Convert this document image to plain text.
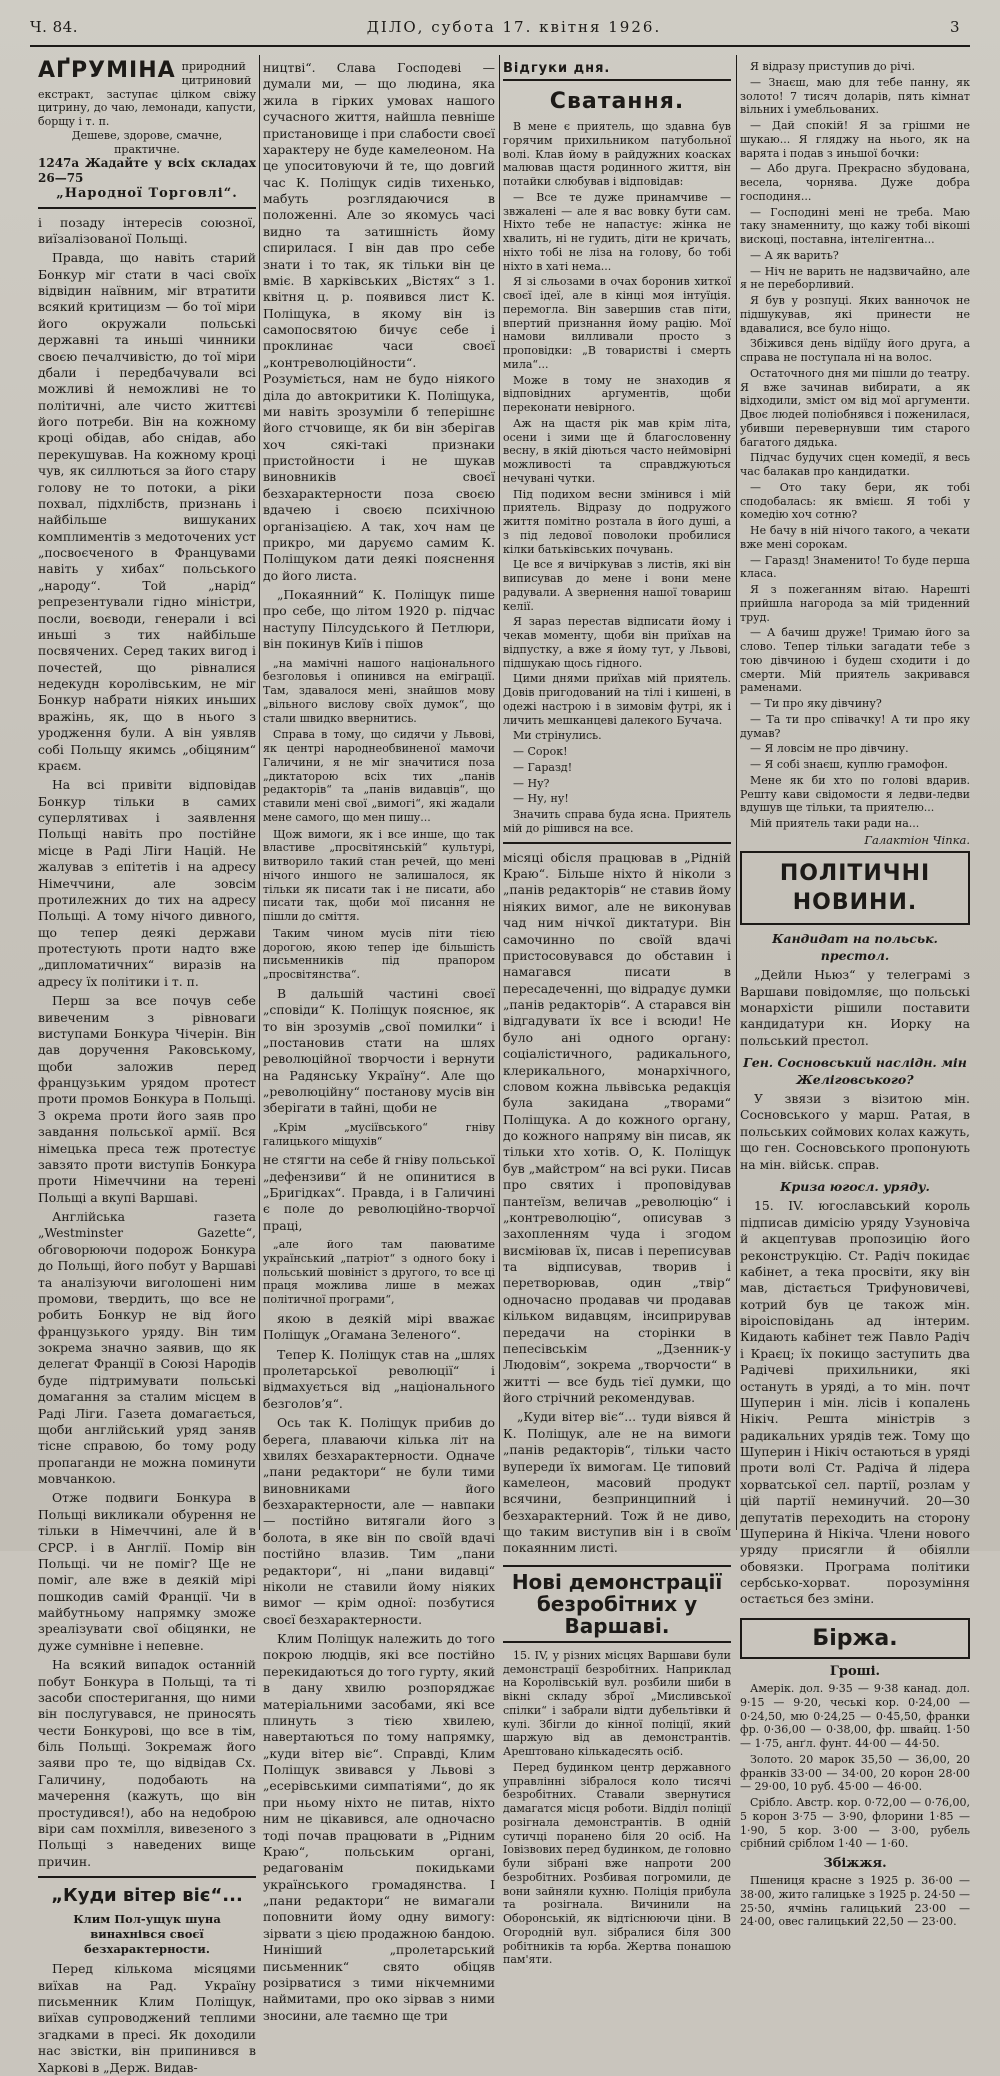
Ч. 84.	ДІЛО, субота 17. квітня 1926.	3
АҐРУМІНА природний цитриновий екстракт, заступає цілком свіжу цитрину, до чаю, лемонади, капусти, борщу і т. п.
Дешеве, здорове, смачне, практичне.
1247a Жадайте у всіх складах 26—75
„Народної Торговлі“.

і позаду інтересів союзної, виїзалізованої Польщі.

Правда, що навіть старий Бонкур міг стати в часі своїх відвідин наївним, міг втратити всякий критицизм — бо тої міри його окружали польські державні та иньші чинники своєю печалчивістю, до тої міри дбали і передбачували всі можливі й неможливі не то політичні, але чисто життєві його потреби. Він на кожному кроці обідав, або снідав, або перекушував. На кожному кроці чув, як силлються за його стару голову не то потоки, а ріки похвал, підхлібств, признань і найбільше вишуканих комплиментів з медоточених уст „посвоєченого в Францувами навіть у хибах“ польського „народу“. Той „нарід“ репрезентували гідно міністри, посли, воєводи, генерали і всі иньші з тих найбільше посвячених. Серед таких вигод і почестей, що рівналися недекудн королівським, не міг Бонкур набрати ніяких иньших вражінь, як, що в нього з уродження були. А він уявляв собі Польщу якимсь „обіцяним“ краєм.

На всі привіти відповідав Бонкур тільки в самих суперлятивах і заявлення Польщі навіть про постійне місце в Раді Ліги Націй. Не жалував з епітетів і на адресу Німеччини, але зовсім протилежних до тих на адресу Польщі. А тому нічого дивного, що тепер деякі держави протестують проти надто вже „дипломатичних“ виразів на адресу їх політики і т. п.

Перш за все почув себе вивеченим з рівноваги виступами Бонкура Чічерін. Він дав доручення Раковському, щоби заложив перед французьким урядом протест проти промов Бонкура в Польщі. З окрема проти його заяв про завдання польської армії. Вся німецька преса теж протестує завзято проти виступів Бонкура проти Німеччини на терені Польщі а вкупі Варшаві.

Англійська газета „Westminster Gazette“, обговорюючи подорож Бонкура до Польщі, його побут у Варшаві та аналізуючи виголошені ним промови, твердить, що все не робить Бонкур не від його французького уряду. Він тим зокрема значно заявив, що як делегат Франції в Союзі Народів буде підтримувати польські домагання за сталим місцем в Раді Ліги. Газета домагається, щоби англійський уряд заняв тісне справою, бо тому роду пропаганди не можна поминути мовчанкою.

Отже подвиги Бонкура в Польщі викликали обурення не тільки в Німеччині, але й в СРСР. і в Англії. Помір він Польщі. чи не поміг? Ще не поміг, але вже в деякій мірі пошкодив самій Франції. Чи в майбутньому напрямку зможе зреалізувати свої обіцянки, не дуже сумнівне і непевне.

На всякий випадок останній побут Бонкура в Польщі, та ті засоби спостеригання, що ними він послугувався, не приносять чести Бонкурові, що все в тім, біль Польщі. Зокремаж його заяви про те, що відвідав Сх. Галичину, подобають на мачерення (кажуть, що він простудився!), або на недоброю віри сам похмілля, вивезеного з Польщі з наведених вище причин.

„Куди вітер віє“...
Клим Пол-ущук шуна винахнівся своєї безхарактерности.

Перед кількома місяцями виїхав на Рад. Україну письменник Клим Поліщук, виїхав супроводжений теплими згадками в пресі. Як доходили нас звістки, він припинився в Харкові в „Держ. Видав-

ництві“. Слава Господеві — думали ми, — що людина, яка жила в гірких умовах нашого сучасного життя, найшла певніше пристановище і при слабости своєї характеру не буде камелеоном. На це упоситовуючи й те, що довгий час К. Поліщук сидів тихенько, мабуть розглядаючися в положенні. Але зо якомусь часі видно та затишність йому спирилася. І він дав про себе знати і то так, як тільки він це вміє. В харківських „Вістях“ з 1. квітня ц. р. появився лист К. Поліщука, в якому він із самопосвятою бичує себе і проклинає часи своєї „контреволюційности“. Розуміється, нам не будо ніякого діла до автокритики К. Поліщука, ми навіть зрозуміли б теперішнє його стчовище, як би він зберігав хоч сякі-такі признаки пристойности і не шукав виновників своєї безхарактерности поза своєю вдачею і своєю психічною організацією. А так, хоч нам це прикро, ми даруємо самим К. Поліщуком дати деякі пояснення до його листа.

„Покаянний“ К. Поліщук пише про себе, що літом 1920 р. підчас наступу Пілсудського й Петлюри, він покинув Київ і пішов

„на мамічні нашого національного безголовья і опинився на еміграції. Там, здавалося мені, знайшов мову „вільного вислову своїх думок“, що стали швидко ввернитись.

Справа в тому, що сидячи у Львові, як центрі народнеобвиненої мамочи Галичини, я не міг значитися поза „диктаторою всіх тих „панів редакторів“ та „панів видавців“, що ставили мені свої „вимогі“, які жадали мене самого, що мен пишу...

Щож вимоги, як і все инше, що так властиве „просвітянській“ культурі, витворило такий стан речей, що мені нічого иншого не залишалося, як тільки як писати так і не писати, або писати так, щоби мої писання не пішли до сміття.

Таким чином мусів піти тією дорогою, якою тепер іде більшість письменників під прапором „просвітянства“.

В дальшій частині своєї „сповіди“ К. Поліщук пояснює, як то він зрозумів „свої помилки“ і „постановив стати на шлях революційної творчости і вернути на Радянську Україну“. Але що „революційну“ постанову мусів він зберігати в тайні, щоби не

„Крім „мусіївського“ гніву галицького міщухів“

не стягти на себе й гніву польської „дефензиви“ й не опинитися в „Бригідках“. Правда, і в Галичині є поле до революційно-творчої праці,

„але його там паюватиме український „патріот“ з одного боку і польський шовініст з другого, то все ці праця можлива лише в межах політичної програми“,

якою в деякій мірі вважає Поліщук „Огамана Зеленого“.

Тепер К. Поліщук став на „шлях пролетарської революції“ і відмахується від „національного безголовʼя“.

Ось так К. Поліщук прибив до берега, плаваючи кілька літ на хвилях безхарактерности. Одначе „пани редактори“ не були тими виновниками його безхарактерности, але — навпаки — постійно витягали його з болота, в яке він по своїй вдачі постійно влазив. Тим „пани редактори“, ні „пани видавці“ ніколи не ставили йому ніяких вимог — крім одної: позбутися своєї безхарактерности.

Клим Поліщук належить до того покрою людців, які все постійно перекидаються до того гурту, який в дану хвилю розпоряджає матеріальними засобами, які все плинуть з тією хвилею, навертаються по тому напрямку, „куди вітер віє“. Справді, Клим Поліщук звивався у Львові з „есерівськими симпатіями“, до як при ньому ніхто не питав, ніхто ним не цікавився, але одночасно тоді почав працювати в „Рідним Краю“, польським органі, редагованім покидьками українського громадянства. І „пани редактори“ не вимагали поповнити йому одну вимогу: зірвати з цією продажною бандою. Ниніший „пролетарський письменник“ свято обіцяв розірватися з тими нікчемними наймитами, про око зірвав з ними зносини, але таємно ще три

Відгуки дня.
Сватання.

В мене є приятель, що здавна був горячим прихильником патубольної волі. Клав йому в райдужних коасках малював щастя родинного життя, він потайки слюбував і відповідав:

— Все те дуже принамчиве — звжалені — але я вас вовку бути сам. Ніхто тебе не напастує: жінка не хвалить, ні не гудить, діти не кричать, ніхто тобі не ліза на голову, бо тобі ніхто в хаті нема...

Я зі сльозами в очах боронив хиткої своєї ідеї, але в кінці моя інтуїція. перемогла. Він завершив став піти, впертий признання йому рацію. Мої намови вилливали просто з проповідки: „В товаристві і смерть мила“...

Може в тому не знаходив я відповідних аргументів, щоби переконати невірного.

Аж на щастя рік мав крім літа, осени і зими ще й благословенну весну, в якій діються часто неймовірні можливості та справджуються нечувані чутки.

Під подихом весни змінився і мій приятель. Відразу до подружого життя помітно розтала в його душі, а з під ледової поволоки пробилися кілки батьківських почувань.

Це все я вичіркував з листів, які він виписував до мене і вони мене радували. А звернення нашої товариш келії.

Я зараз перестав відписати йому і чекав моменту, щоби він приїхав на відпустку, а вже я йому тут, у Львові, підшукаю щось гідного.

Цими днями приїхав мій приятель. Довів пригодований на тілі і кишені, в одежі настрою і в зимовім футрі, як і личить мешканцеві далекого Бучача.

Ми стрінулись.

— Сорок!

— Гаразд!

— Ну?

— Ну, ну!

Значить справа буда ясна. Приятель мій до рішився на все.

місяці обісля працював в „Рідній Краю“. Більше ніхто й ніколи з „панів редакторів“ не ставив йому ніяких вимог, але не виконував чад ним нічкої диктатури. Він самочинно по своїй вдачі пристосовувався до обставин і намагався писати в пересадеченні, що відрадує думки „панів редакторів“. А старався він відгадувати їх все і всюди! Не було ані одного органу: соціалістичного, радикального, клерикального, монархічного, словом кожна львівська редакція була закидана „творами“ Поліщука. А до кожного органу, до кожного напряму він писав, як тільки хто хотів. О, К. Поліщук був „майстром“ на всі руки. Писав про святих і проповідував пантеїзм, величав „революцію“ і „контреволюцію“, описував з захопленням чуда і згодом висміював їх, писав і переписував та відписував, творив і перетворював, один „твір“ одночасно продавав чи продавав кільком видавцям, інсиприрував передачи на сторінки в пепесівськім „Дзенник-у Людовім“, зокрема „творчости“ в житті — все будь тієї думки, що його стрічний рекомендував.

„Куди вітер віє“... туди віявся й К. Поліщук, але не на вимоги „панів редакторів“, тільки часто вупереди їх вимогам. Це типовий камелеон, масовий продукт всячини, безпринципний і безхарактерний. Тож й не диво, що таким виступив він і в своїм покаянним листі.

Нові демонстрації безробітних у Варшаві.

15. IV, у різних місцях Варшави були демонстрації безробітних. Наприклад на Королівській вул. розбили шиби в вікні складу зброї „Мисливської спілки“ і забрали відти дубельтівки й кулі. Збігли до кінної поліції, який шаржую від ав демонстрантів. Арештовано кількадесять осіб.

Перед будинком центр державного управлінні зібралося коло тисячі безробітних. Ставали звернутися дамагатся місця роботи. Відділ поліції розігнала демонстрантів. В одній сутичці поранено біля 20 осіб. На Іовізвових перед будинком, де головно були зібрані вже напроти 200 безробітних. Розбивая погромили, де вони зайняли кухню. Поліція прибула та розігнала. Вичинили на Оборонській, як відтіснюючи ціни. В Огородній вул. зібралися біля 300 робітників та юрба. Жертва понашою пам'яти.

Я відразу приступив до річі.

— Знаєш, маю для тебе панну, як золото! 7 тисяч доларів, пять кімнат вільних і умебльованих.

— Дай спокій! Я за грішми не шукаю... Я гляджу на нього, як на варята і подав з иньшої бочки:

— Або друга. Прекрасно збудована, весела, чорнява. Дуже добра господиня...

— Господині мені не треба. Маю таку знаменниту, що кажу тобі вікоші вискоці, поставна, інтелігентна...

— А як варить?

— Ніч не варить не надзвичайно, але я не переборливий.

Я був у розпуці. Яких ванночок не підшукував, які принести не вдавалися, все було ніщо.

Збіжився день відіїду його друга, а справа не поступала ні на волос.

Остаточного дня ми пішли до театру. Я вже зачинав вибирати, а як відходили, зміст ом від мої аргументи. Двоє людей поліобнявся і поженилася, убивши перевернувши тим старого багатого дядька.

Підчас будучих сцен комедії, я весь час балакав про кандидатки.

— Ото таку бери, як тобі сподобалась: як вмієш. Я тобі у комедію хоч сотню?

Не бачу в ній нічого такого, а чекати вже мені сорокам.

— Гаразд! Знаменито! То буде перша класа.

Я з пожеганням вітаю. Нарешті прийшла нагорода за мій триденний труд.

— А бачиш друже! Тримаю його за слово. Тепер тільки загадати тебе з тою дівчиною і будеш сходити і до смерти. Мій приятель закривався раменами.

— Ти про яку дівчину?

— Та ти про співачку! А ти про яку думав?

— Я ловсім не про дівчину.

— Я собі знаєш, куплю грамофон.

Мене як би хто по голові вдарив. Решту кави свідомости я ледви-ледви вдушув ще тільки, та приятелю...

Мій приятель таки ради на...

Галактіон Чіпка.
ПОЛІТИЧНІ НОВИНИ.
Кандидат на польськ. престол.

„Дейли Ньюз“ у телеграмі з Варшави повідомляє, що польські монархісти рішили поставити кандидатури кн. Иорку на польський престол.

Ген. Сосновський наслідн. мін Желіговського?

У звязи з візитою мін. Сосновського у марш. Ратая, в польських соймових колах кажуть, що ген. Сосновського пропонують на мін. військ. справ.

Криза югосл. уряду.

15. IV. югославський король підписав димісію уряду Узуновіча й акцептував пропозицію його реконструкцію. Ст. Радіч покидає кабінет, а тека просвіти, яку він мав, дістається Трифуновичеві, котрий був це також мін. віроісповідань ад інтерим. Кидають кабінет теж Павло Радіч і Краєц; їх покищо заступить два Радічеві прихильники, які остануть в уряді, а то мін. почт Шуперин і мін. лісів і копалень Нікіч. Решта міністрів з радикальних урядів теж. Тому що Шуперин і Нікіч остаються в уряді проти волі Ст. Радіча й лідера хорватської сел. партії, розлам у цій партії неминучий. 20—30 депутатів переходить на сторону Шуперина й Нікіча. Члени нового уряду присягли й обіялли обовязки. Програма політики сербсько-хорват. порозуміння остається без зміни.

Біржа.
Гроші.

Амерік. дол. 9·35 — 9·38 канад. дол. 9·15 — 9·20, чеські кор. 0·24,00 — 0·24,50, мю 0·24,25 — 0·45,50, франки фр. 0·36,00 — 0·38,00, фр. швайц. 1·50 — 1·75, анґл. фунт. 44·00 — 44·50.

Золото. 20 марок 35,50 — 36,00, 20 франків 33·00 — 34·00, 20 корон 28·00 — 29·00, 10 руб. 45·00 — 46·00.

Срібло. Австр. кор. 0·72,00 — 0·76,00, 5 корон 3·75 — 3·90, флорини 1·85 — 1·90, 5 кор. 3·00 — 3·00, рубель срібний сріблом 1·40 — 1·60.

Збіжжя.

Пшениця красне з 1925 р. 36·00 — 38·00, жито галицьке з 1925 р. 24·50 — 25·50, ячмінь галицький 23·00 — 24·00, овес галицький 22,50 — 23·00.
